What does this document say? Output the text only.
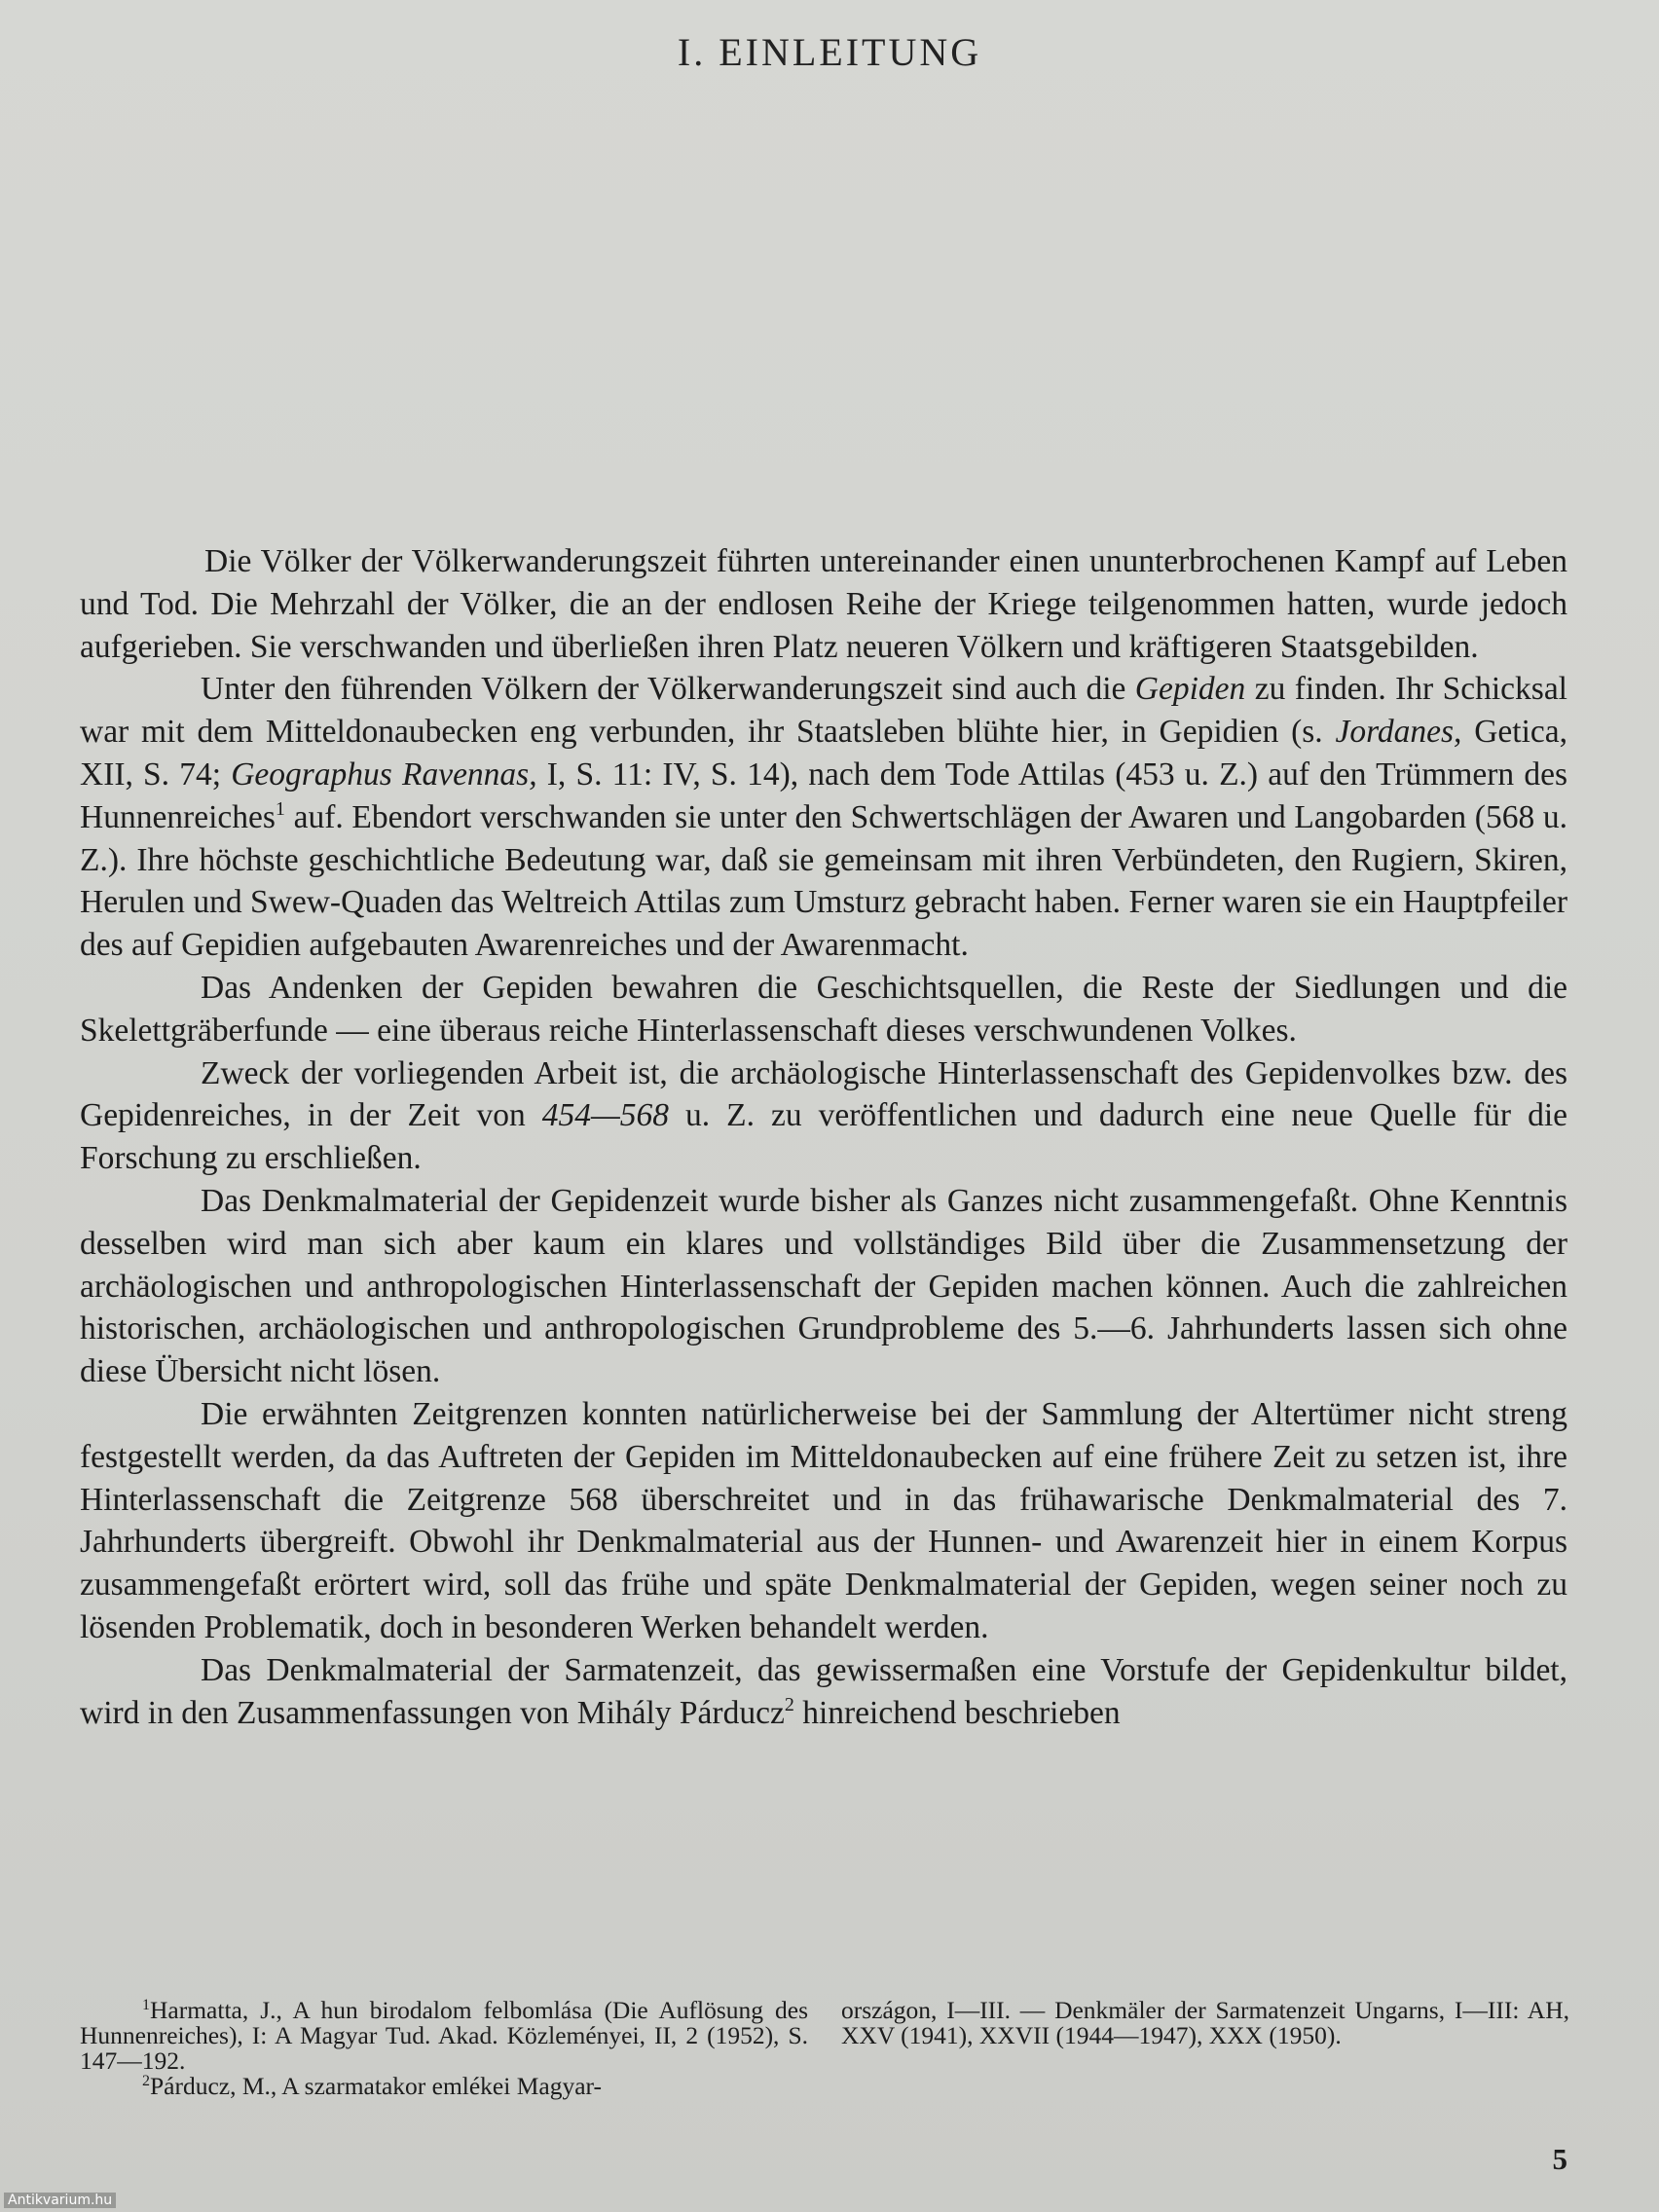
I. EINLEITUNG

Die Völker der Völkerwanderungszeit führten untereinander einen ununterbrochenen Kampf auf Leben und Tod. Die Mehrzahl der Völker, die an der endlosen Reihe der Kriege teilgenommen hatten, wurde jedoch aufgerieben. Sie verschwanden und überließen ihren Platz neueren Völkern und kräftigeren Staatsgebilden.

Unter den führenden Völkern der Völkerwanderungszeit sind auch die Gepiden zu finden. Ihr Schicksal war mit dem Mitteldonaubecken eng verbunden, ihr Staatsleben blühte hier, in Gepidien (s. Jordanes, Getica, XII, S. 74; Geographus Ravennas, I, S. 11: IV, S. 14), nach dem Tode Attilas (453 u. Z.) auf den Trümmern des Hunnenreiches$^1$ auf. Ebendort verschwanden sie unter den Schwertschlägen der Awaren und Langobarden (568 u. Z.). Ihre höchste geschichtliche Bedeutung war, daß sie gemeinsam mit ihren Verbündeten, den Rugiern, Skiren, Herulen und Swew-Quaden das Weltreich Attilas zum Umsturz gebracht haben. Ferner waren sie ein Hauptpfeiler des auf Gepidien aufgebauten Awarenreiches und der Awarenmacht.

Das Andenken der Gepiden bewahren die Geschichtsquellen, die Reste der Siedlungen und die Skelettgräberfunde — eine überaus reiche Hinterlassenschaft dieses verschwundenen Volkes.

Zweck der vorliegenden Arbeit ist, die archäologische Hinterlassenschaft des Gepidenvolkes bzw. des Gepidenreiches, in der Zeit von 454—568 u. Z. zu veröffentlichen und dadurch eine neue Quelle für die Forschung zu erschließen.

Das Denkmalmaterial der Gepidenzeit wurde bisher als Ganzes nicht zusammengefaßt. Ohne Kenntnis desselben wird man sich aber kaum ein klares und vollständiges Bild über die Zusammensetzung der archäologischen und anthropologischen Hinterlassenschaft der Gepiden machen können. Auch die zahlreichen historischen, archäologischen und anthropologischen Grundprobleme des 5.—6. Jahrhunderts lassen sich ohne diese Übersicht nicht lösen.

Die erwähnten Zeitgrenzen konnten natürlicherweise bei der Sammlung der Altertümer nicht streng festgestellt werden, da das Auftreten der Gepiden im Mitteldonaubecken auf eine frühere Zeit zu setzen ist, ihre Hinterlassenschaft die Zeitgrenze 568 überschreitet und in das frühawarische Denkmalmaterial des 7. Jahrhunderts übergreift. Obwohl ihr Denkmalmaterial aus der Hunnen- und Awarenzeit hier in einem Korpus zusammengefaßt erörtert wird, soll das frühe und späte Denkmalmaterial der Gepiden, wegen seiner noch zu lösenden Problematik, doch in besonderen Werken behandelt werden.

Das Denkmalmaterial der Sarmatenzeit, das gewissermaßen eine Vorstufe der Gepidenkultur bildet, wird in den Zusammenfassungen von Mihály Párducz$^2$ hinreichend beschrieben

$^1$Harmatta, J., A hun birodalom felbomlása (Die Auflösung des Hunnenreiches), I: A Magyar Tud. Akad. Közleményei, II, 2 (1952), S. 147—192.

$^2$Párducz, M., A szarmatakor emlékei Magyar-

országon, I—III. — Denkmäler der Sarmatenzeit Ungarns, I—III: AH, XXV (1941), XXVII (1944—1947), XXX (1950).

5
Antikvarium.hu
